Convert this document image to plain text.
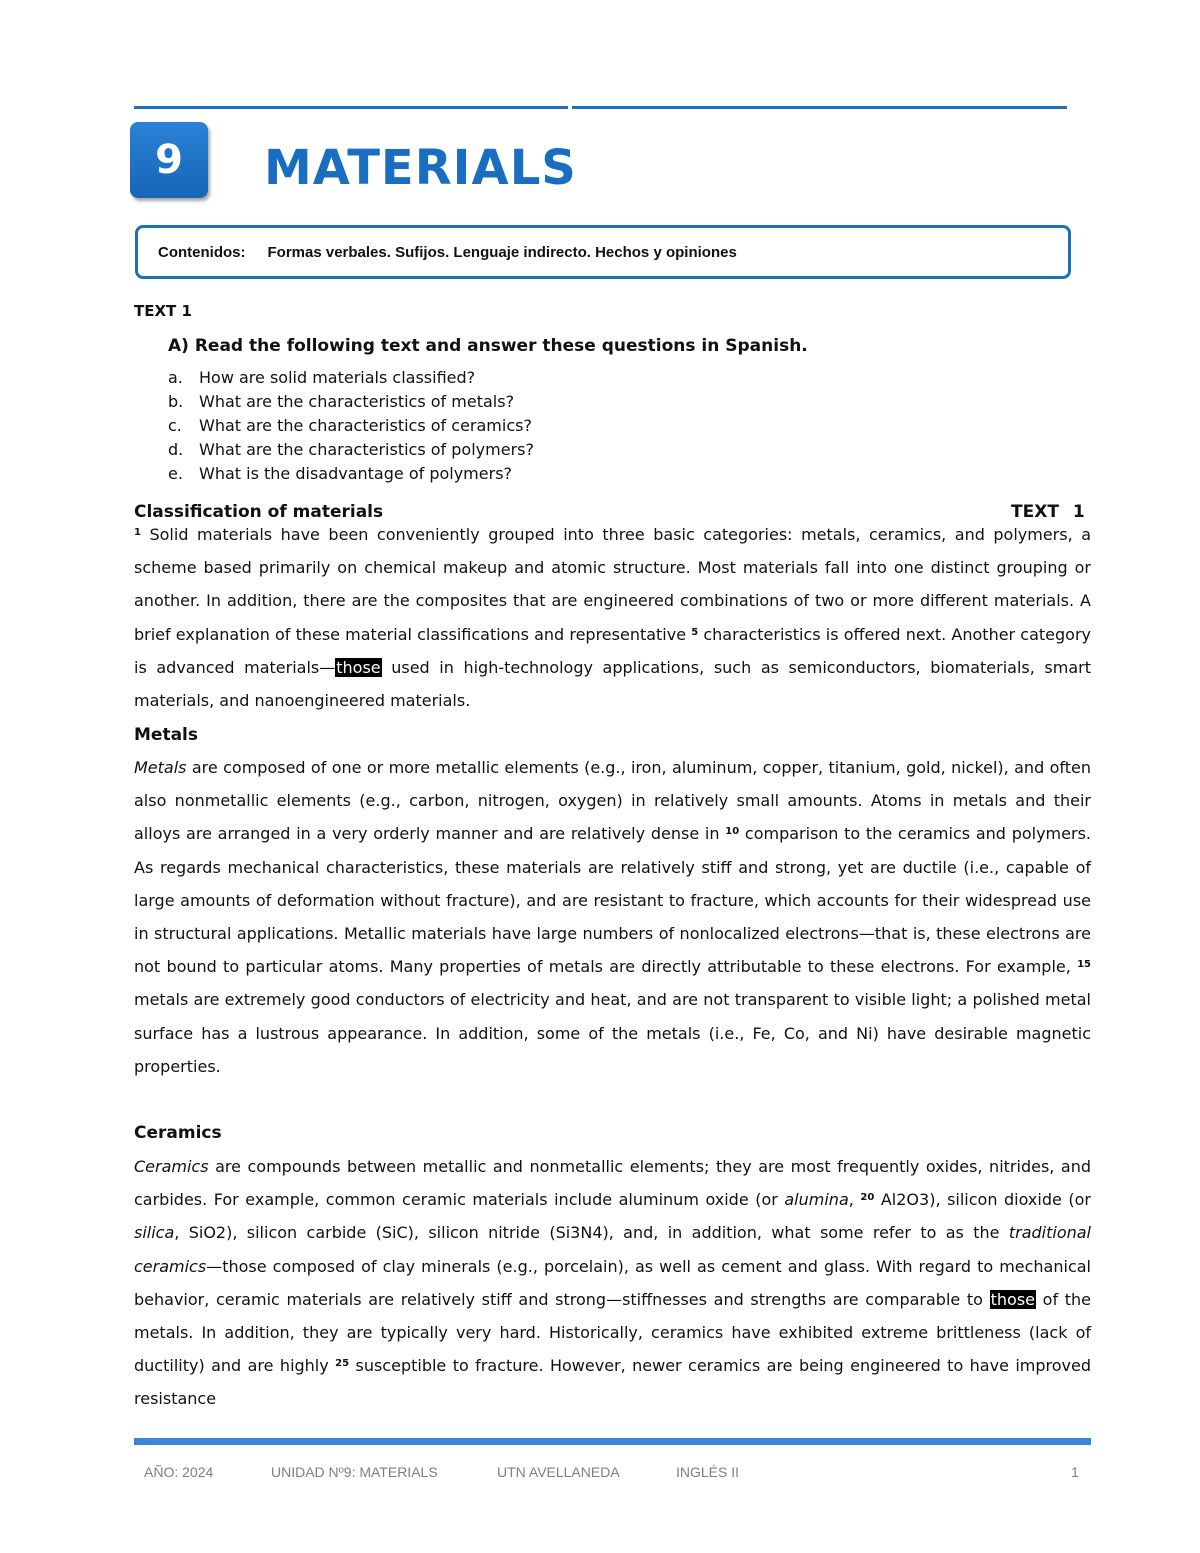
9	MATERIALS
Contenidos: Formas verbales. Sufijos. Lenguaje indirecto. Hechos y opiniones
TEXT 1
A) Read the following text and answer these questions in Spanish.
a. How are solid materials classified?
b. What are the characteristics of metals?
c. What are the characteristics of ceramics?
d. What are the characteristics of polymers?
e. What is the disadvantage of polymers?
Classification of materials	TEXT 1

$^1$ Solid materials have been conveniently grouped into three basic categories: metals, ceramics, and polymers, a scheme based primarily on chemical makeup and atomic structure. Most materials fall into one distinct grouping or another. In addition, there are the composites that are engineered combinations of two or more different materials. A brief explanation of these material classifications and representative $^5$ characteristics is offered next. Another category is advanced materials—those used in high-technology applications, such as semiconductors, biomaterials, smart materials, and nanoengineered materials.

Metals

Metals are composed of one or more metallic elements (e.g., iron, aluminum, copper, titanium, gold, nickel), and often also nonmetallic elements (e.g., carbon, nitrogen, oxygen) in relatively small amounts. Atoms in metals and their alloys are arranged in a very orderly manner and are relatively dense in $^{10}$ comparison to the ceramics and polymers. As regards mechanical characteristics, these materials are relatively stiff and strong, yet are ductile (i.e., capable of large amounts of deformation without fracture), and are resistant to fracture, which accounts for their widespread use in structural applications. Metallic materials have large numbers of nonlocalized electrons—that is, these electrons are not bound to particular atoms. Many properties of metals are directly attributable to these electrons. For example, $^{15}$ metals are extremely good conductors of electricity and heat, and are not transparent to visible light; a polished metal surface has a lustrous appearance. In addition, some of the metals (i.e., Fe, Co, and Ni) have desirable magnetic properties.

Ceramics

Ceramics are compounds between metallic and nonmetallic elements; they are most frequently oxides, nitrides, and carbides. For example, common ceramic materials include aluminum oxide (or alumina, $^{20}$ Al2O3), silicon dioxide (or silica, SiO2), silicon carbide (SiC), silicon nitride (Si3N4), and, in addition, what some refer to as the traditional ceramics—those composed of clay minerals (e.g., porcelain), as well as cement and glass. With regard to mechanical behavior, ceramic materials are relatively stiff and strong—stiffnesses and strengths are comparable to those of the metals. In addition, they are typically very hard. Historically, ceramics have exhibited extreme brittleness (lack of ductility) and are highly $^{25}$ susceptible to fracture. However, newer ceramics are being engineered to have improved resistance

AÑO: 2024	UNIDAD Nº9: MATERIALS	UTN AVELLANEDA	INGLÉS II	1
